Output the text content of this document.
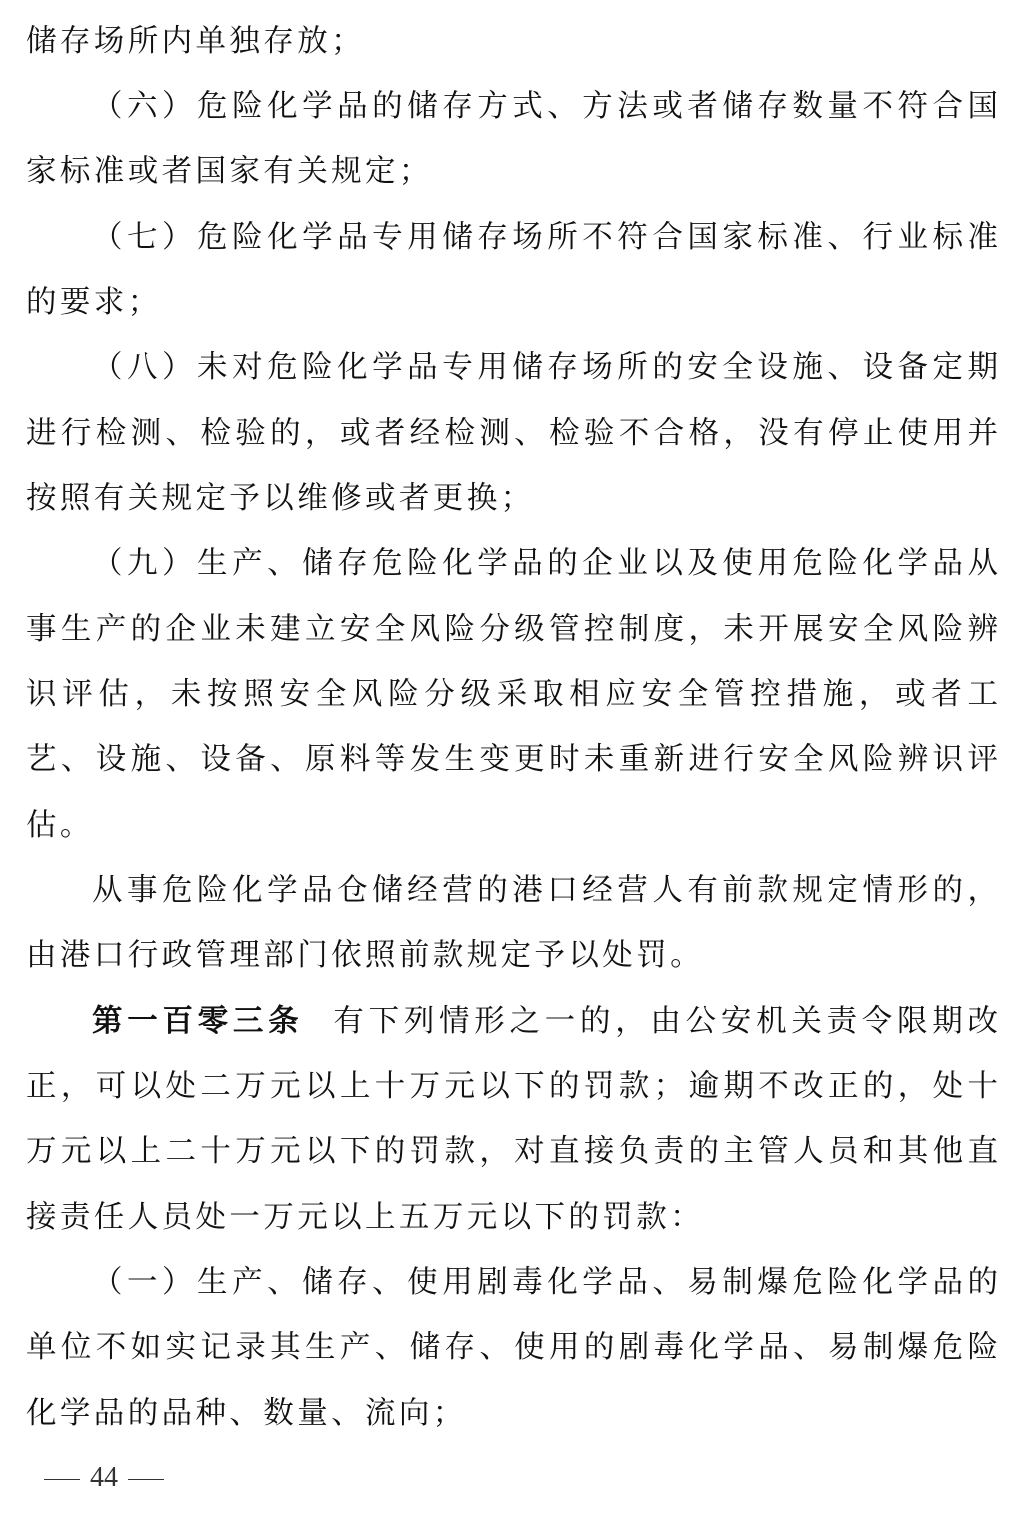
储存场所内单独存放；
（六）危险化学品的储存方式、方法或者储存数量不符合国
家标准或者国家有关规定；
（七）危险化学品专用储存场所不符合国家标准、行业标准
的要求；
（八）未对危险化学品专用储存场所的安全设施、设备定期
进行检测、检验的，或者经检测、检验不合格，没有停止使用并
按照有关规定予以维修或者更换；
（九）生产、储存危险化学品的企业以及使用危险化学品从
事生产的企业未建立安全风险分级管控制度，未开展安全风险辨
识评估，未按照安全风险分级采取相应安全管控措施，或者工
艺、设施、设备、原料等发生变更时未重新进行安全风险辨识评
估。
从事危险化学品仓储经营的港口经营人有前款规定情形的，
由港口行政管理部门依照前款规定予以处罚。
第一百零三条 有下列情形之一的，由公安机关责令限期改
正，可以处二万元以上十万元以下的罚款；逾期不改正的，处十
万元以上二十万元以下的罚款，对直接负责的主管人员和其他直
接责任人员处一万元以上五万元以下的罚款：
（一）生产、储存、使用剧毒化学品、易制爆危险化学品的
单位不如实记录其生产、储存、使用的剧毒化学品、易制爆危险
化学品的品种、数量、流向；
44
